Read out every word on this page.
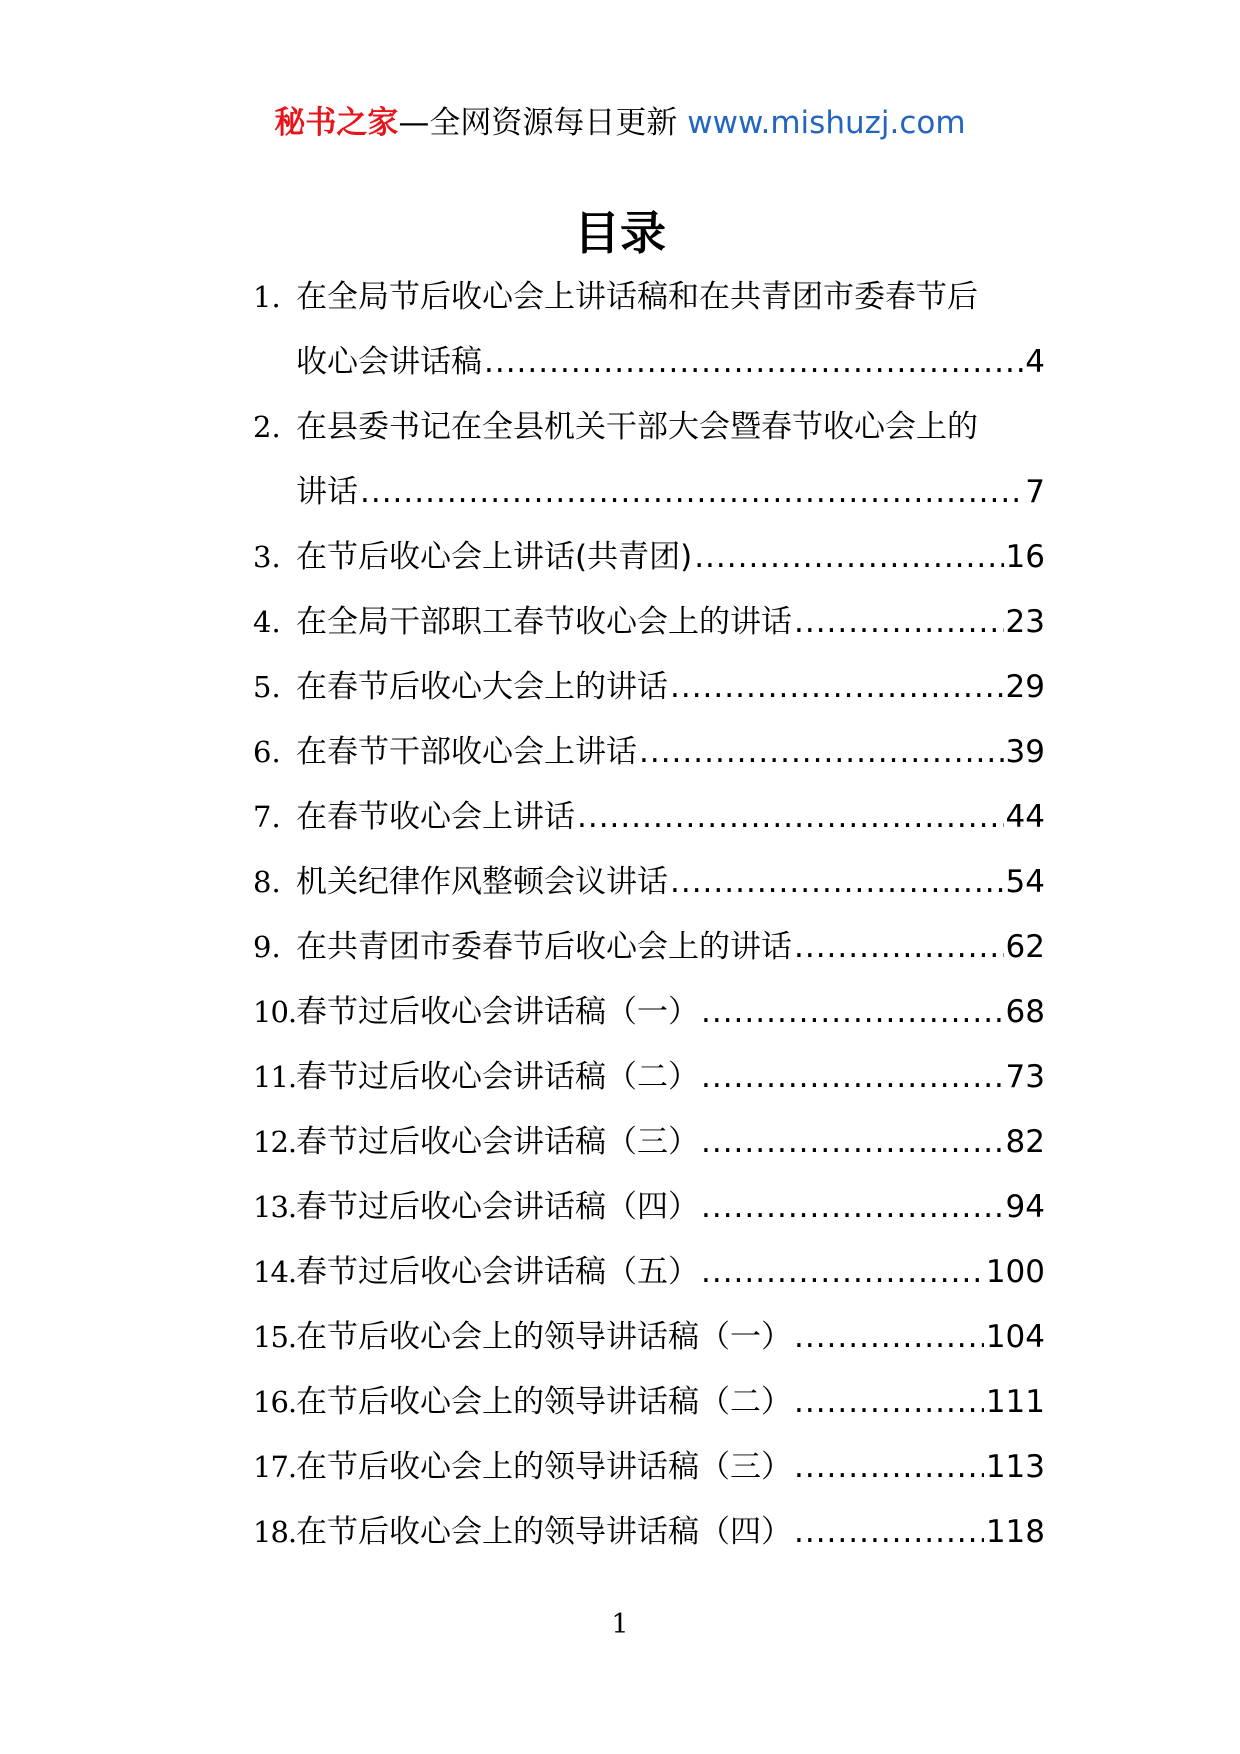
秘书之家—全网资源每日更新 www.mishuzj.com
目录
1. 在全局节后收心会上讲话稿和在共青团市委春节后
收心会讲话稿 .....	4
2. 在县委书记在全县机关干部大会暨春节收心会上的
讲话 .....	7
3. 在节后收心会上讲话(共青团) .....	16
4. 在全局干部职工春节收心会上的讲话 .....	23
5. 在春节后收心大会上的讲话 .....	29
6. 在春节干部收心会上讲话 .....	39
7. 在春节收心会上讲话 .....	44
8. 机关纪律作风整顿会议讲话 .....	54
9. 在共青团市委春节后收心会上的讲话 .....	62
10. 春节过后收心会讲话稿（一） .....	68
11. 春节过后收心会讲话稿（二） .....	73
12. 春节过后收心会讲话稿（三） .....	82
13. 春节过后收心会讲话稿（四） .....	94
14. 春节过后收心会讲话稿（五） .....	100
15. 在节后收心会上的领导讲话稿（一） .....	104
16. 在节后收心会上的领导讲话稿（二） .....	111
17. 在节后收心会上的领导讲话稿（三） .....	113
18. 在节后收心会上的领导讲话稿（四） .....	118
1
